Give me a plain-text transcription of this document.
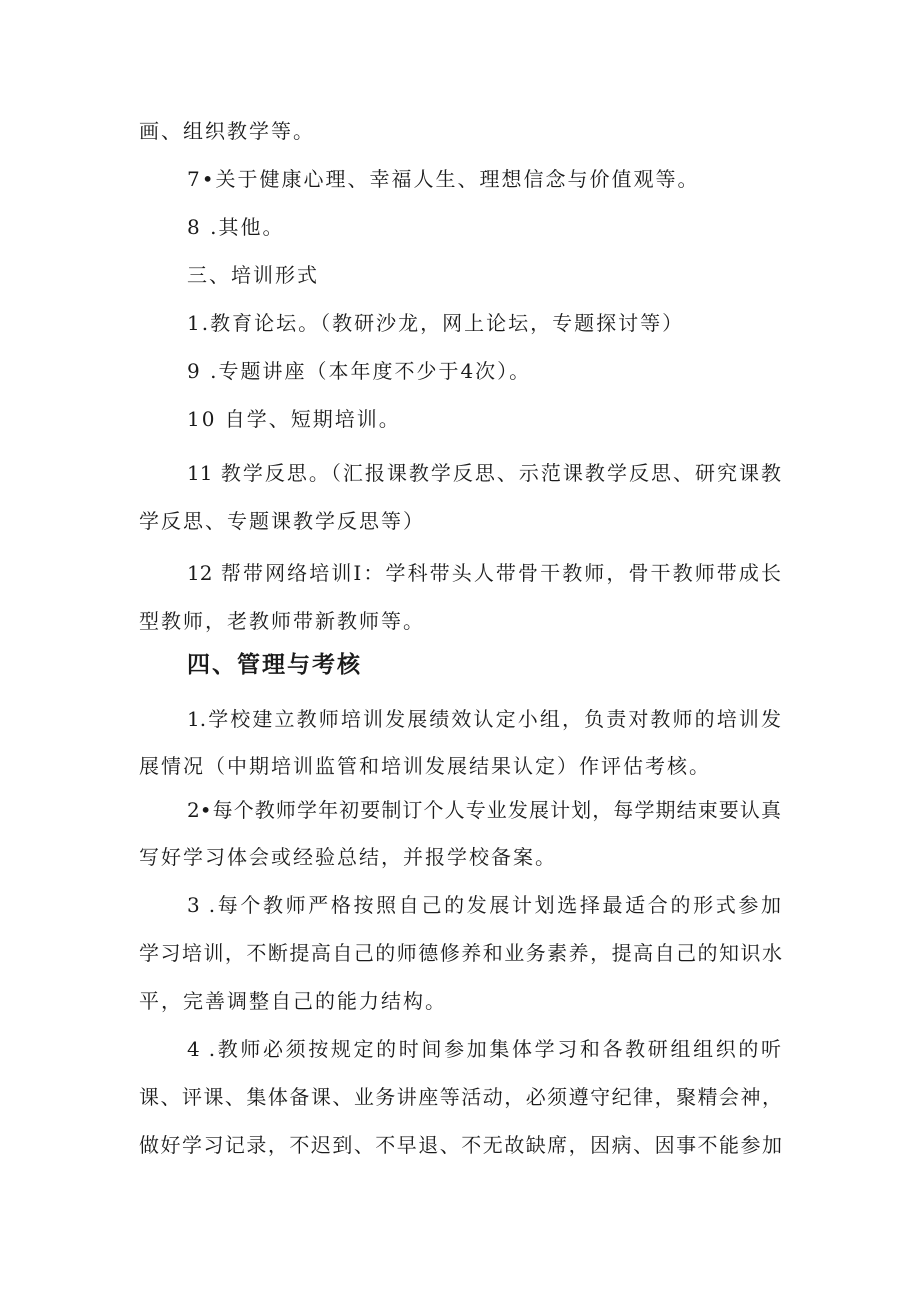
画、组织教学等。
7•关于健康心理、幸福人生、理想信念与价值观等。
8 .其他。
三、培训形式
1.教育论坛。（教研沙龙，网上论坛，专题探讨等）
9 .专题讲座（本年度不少于4次）。
10 自学、短期培训。
11 教学反思。（汇报课教学反思、示范课教学反思、研究课教
学反思、专题课教学反思等）
12 帮带网络培训I：学科带头人带骨干教师，骨干教师带成长
型教师，老教师带新教师等。
四、管理与考核
1.学校建立教师培训发展绩效认定小组，负责对教师的培训发
展情况（中期培训监管和培训发展结果认定）作评估考核。
2•每个教师学年初要制订个人专业发展计划，每学期结束要认真
写好学习体会或经验总结，并报学校备案。
3 .每个教师严格按照自己的发展计划选择最适合的形式参加
学习培训，不断提高自己的师德修养和业务素养，提高自己的知识水
平，完善调整自己的能力结构。
4 .教师必须按规定的时间参加集体学习和各教研组组织的听
课、评课、集体备课、业务讲座等活动，必须遵守纪律，聚精会神，
做好学习记录，不迟到、不早退、不无故缺席，因病、因事不能参加
